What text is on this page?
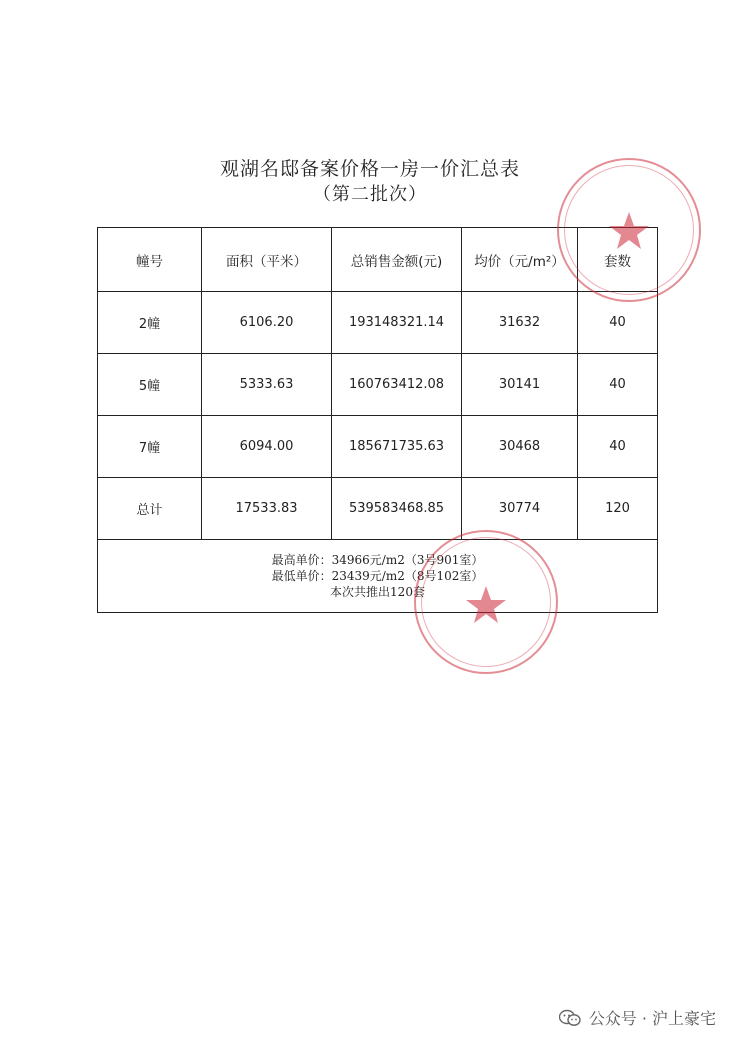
观湖名邸备案价格一房一价汇总表
（第二批次）
幢号	面积（平米）	总销售金额(元)	均价（元/m²）	套数
2幢	6106.20	193148321.14	31632	40
5幢	5333.63	160763412.08	30141	40
7幢	6094.00	185671735.63	30468	40
总计	17533.83	539583468.85	30774	120

最高单价：34966元/m2（3号901室）
最低单价：23439元/m2（8号102室）
本次共推出120套				
公众号 · 沪上豪宅
